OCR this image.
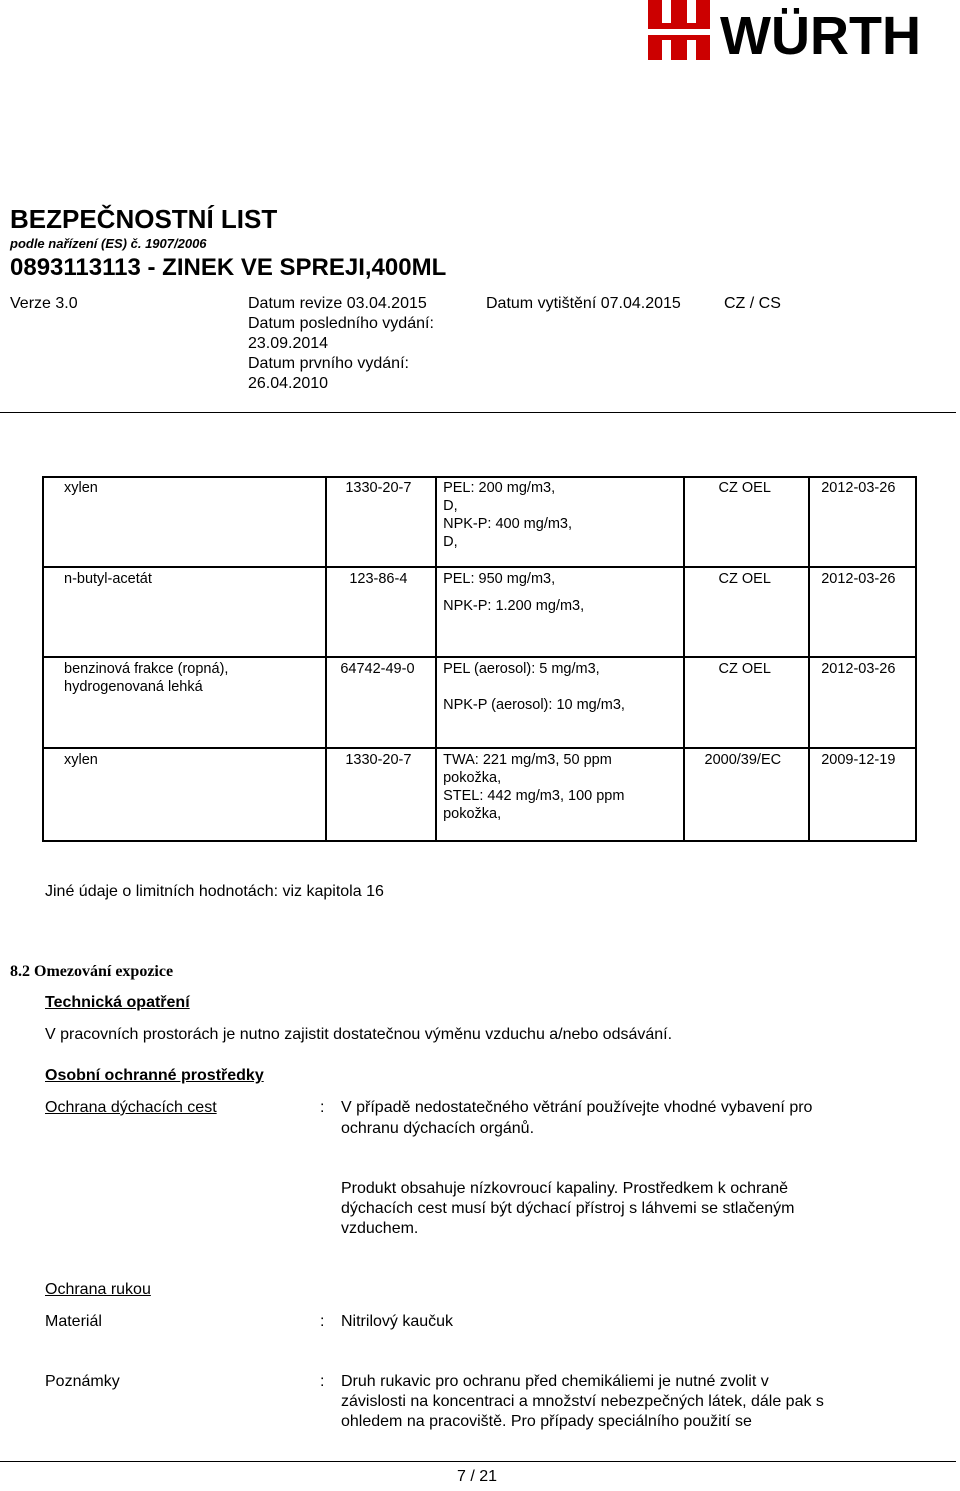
WÜRTH
BEZPEČNOSTNÍ LIST
podle nařízení (ES) č. 1907/2006
0893113113 - ZINEK VE SPREJI,400ML
Verze 3.0	Datum revize 03.04.2015
Datum posledního vydání:
23.09.2014
Datum prvního vydání:
26.04.2010
Datum vytištění 07.04.2015	CZ / CS
xylen	1330-20-7	PEL: 200 mg/m3,
D,
NPK-P: 400 mg/m3,
D,	CZ OEL	2012-03-26

n-butyl-acetát	123-86-4	PEL: 950 mg/m3,
NPK-P: 1.200 mg/m3,	CZ OEL	2012-03-26

benzinová frakce (ropná),
hydrogenovaná lehká	64742-49-0	PEL (aerosol): 5 mg/m3,
NPK-P (aerosol): 10 mg/m3,	CZ OEL	2012-03-26

xylen	1330-20-7	TWA: 221 mg/m3, 50 ppm
pokožka,
STEL: 442 mg/m3, 100 ppm
pokožka,	2000/39/EC	2009-12-19
Jiné údaje o limitních hodnotách: viz kapitola 16
8.2 Omezování expozice
Technická opatření
V pracovních prostorách je nutno zajistit dostatečnou výměnu vzduchu a/nebo odsávání.
Osobní ochranné prostředky
Ochrana dýchacích cest	: V případě nedostatečného větrání používejte vhodné vybavení pro
ochranu dýchacích orgánů.
Produkt obsahuje nízkovroucí kapaliny. Prostředkem k ochraně
dýchacích cest musí být dýchací přístroj s láhvemi se stlačeným
vzduchem.
Ochrana rukou
Materiál	: Nitrilový kaučuk
Poznámky	: Druh rukavic pro ochranu před chemikáliemi je nutné zvolit v
závislosti na koncentraci a množství nebezpečných látek, dále pak s
ohledem na pracoviště. Pro případy speciálního použití se
7 / 21
